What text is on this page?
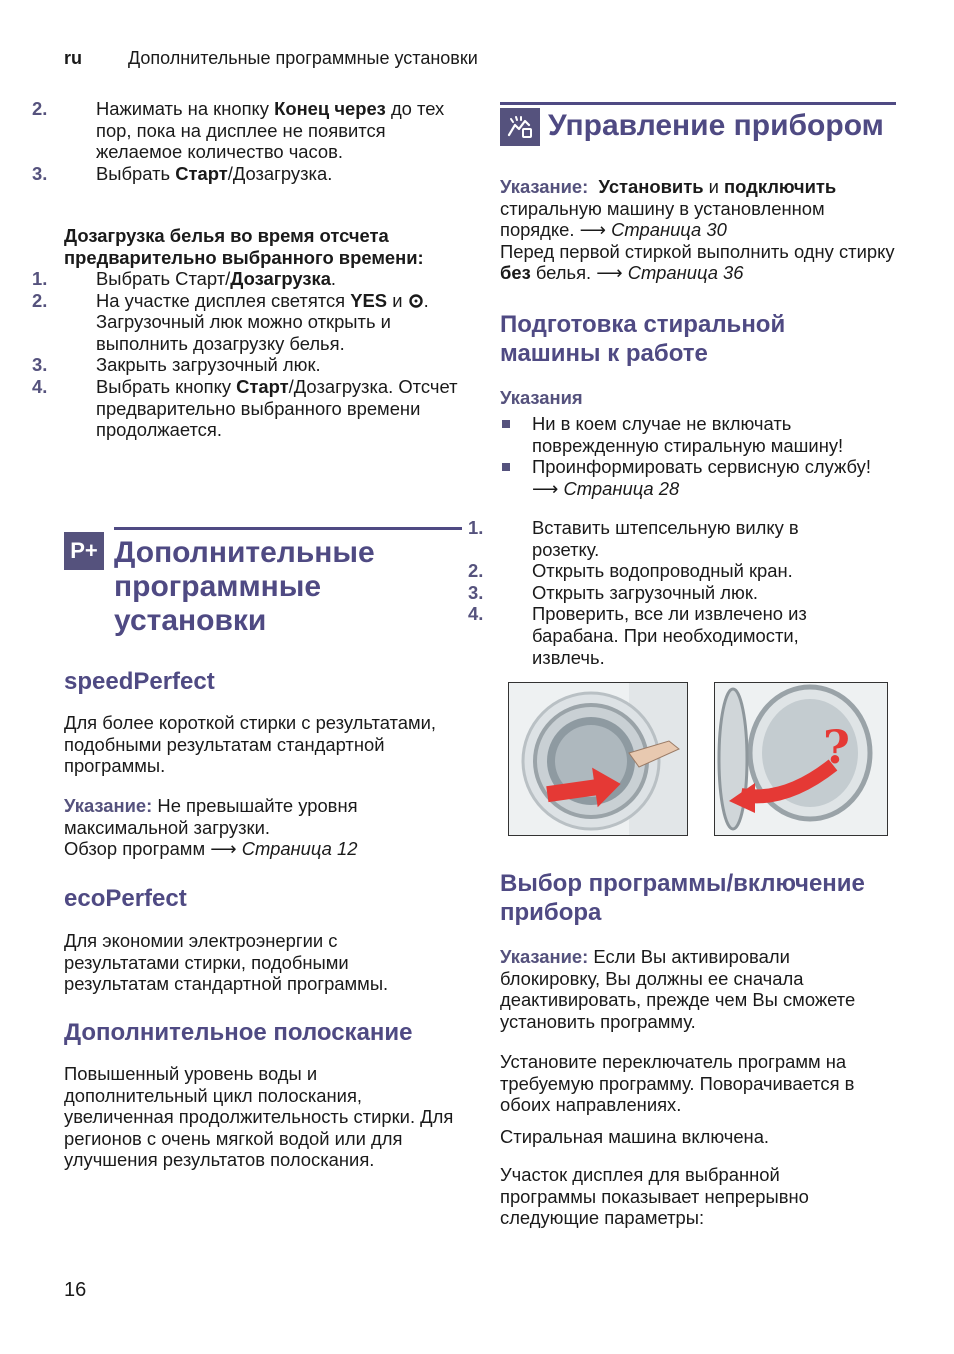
ru	Дополнительные программные установки

2.	Нажимать на кнопку Конец через до тех пор, пока на дисплее не появится желаемое количество часов.

3.	Выбрать Старт/Дозагрузка.

Дозагрузка белья во время отсчета предварительно выбранного времени:

1.	Выбрать Старт/Дозагрузка.

2.	На участке дисплея светятся YES и . Загрузочный люк можно открыть и выполнить дозагрузку белья.

3.	Закрыть загрузочный люк.

4.	Выбрать кнопку Старт/Дозагрузка. Отсчет предварительно выбранного времени продолжается.

P+ Дополнительные программные установки
speedPerfect
Для более короткой стирки с результатами, подобными результатам стандартной программы.

Указание: Не превышайте уровня максимальной загрузки.

Обзор программ ⟶ Страница 12

ecoPerfect
Для экономии электроэнергии с результатами стирки, подобными результатам стандартной программы.
Дополнительное полоскание
Повышенный уровень воды и дополнительный цикл полоскания, увеличенная продолжительность стирки. Для регионов с очень мягкой водой или для улучшения результатов полоскания.
Управление прибором

Указание: Установить и подключить стиральную машину в установленном порядке. ⟶ Страница 30

Перед первой стиркой выполнить одну стирку без белья. ⟶ Страница 36

Подготовка стиральной машины к работе
Указания

Ни в коем случае не включать поврежденную стиральную машину!

Проинформировать сервисную службу!⟶ Страница 28

1.	Вставить штепсельную вилку в розетку.

2.	Открыть водопроводный кран.

3.	Открыть загрузочный люк.

4.	Проверить, все ли извлечено из барабана. При необходимости, извлечь.

?
Выбор программы/включение прибора

Указание: Если Вы активировали блокировку, Вы должны ее сначала деактивировать, прежде чем Вы сможете установить программу.

Установите переключатель программ на требуемую программу. Поворачивается в обоих направлениях.
Стиральная машина включена.
Участок дисплея для выбранной программы показывает непрерывно следующие параметры:
16
